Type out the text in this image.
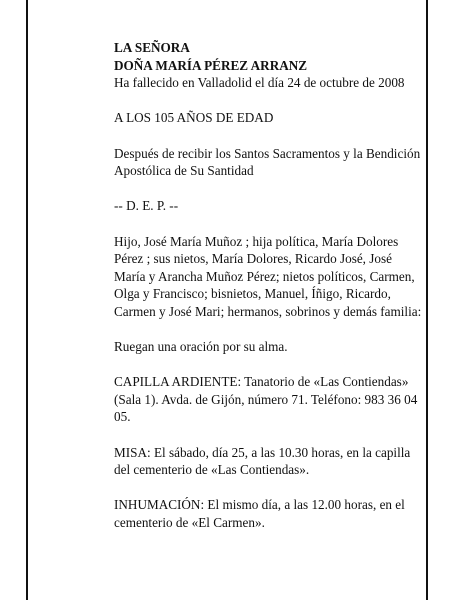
LA SEÑORA

DOÑA MARÍA PÉREZ ARRANZ

Ha fallecido en Valladolid el día 24 de octubre de 2008

A LOS 105 AÑOS DE EDAD

Después de recibir los Santos Sacramentos y la Bendición Apostólica de Su Santidad

-- D. E. P. --

Hijo, José María Muñoz ; hija política, María Dolores Pérez ; sus nietos, María Dolores, Ricardo José, José María y Arancha Muñoz Pérez; nietos políticos, Carmen, Olga y Francisco; bisnietos, Manuel, Íñigo, Ricardo, Carmen y José Mari; hermanos, sobrinos y demás familia:

Ruegan una oración por su alma.

CAPILLA ARDIENTE: Tanatorio de «Las Contiendas» (Sala 1). Avda. de Gijón, número 71. Teléfono: 983 36 04 05.

MISA: El sábado, día 25, a las 10.30 horas, en la capilla del cementerio de «Las Contiendas».

INHUMACIÓN: El mismo día, a las 12.00 horas, en el cementerio de «El Carmen».
